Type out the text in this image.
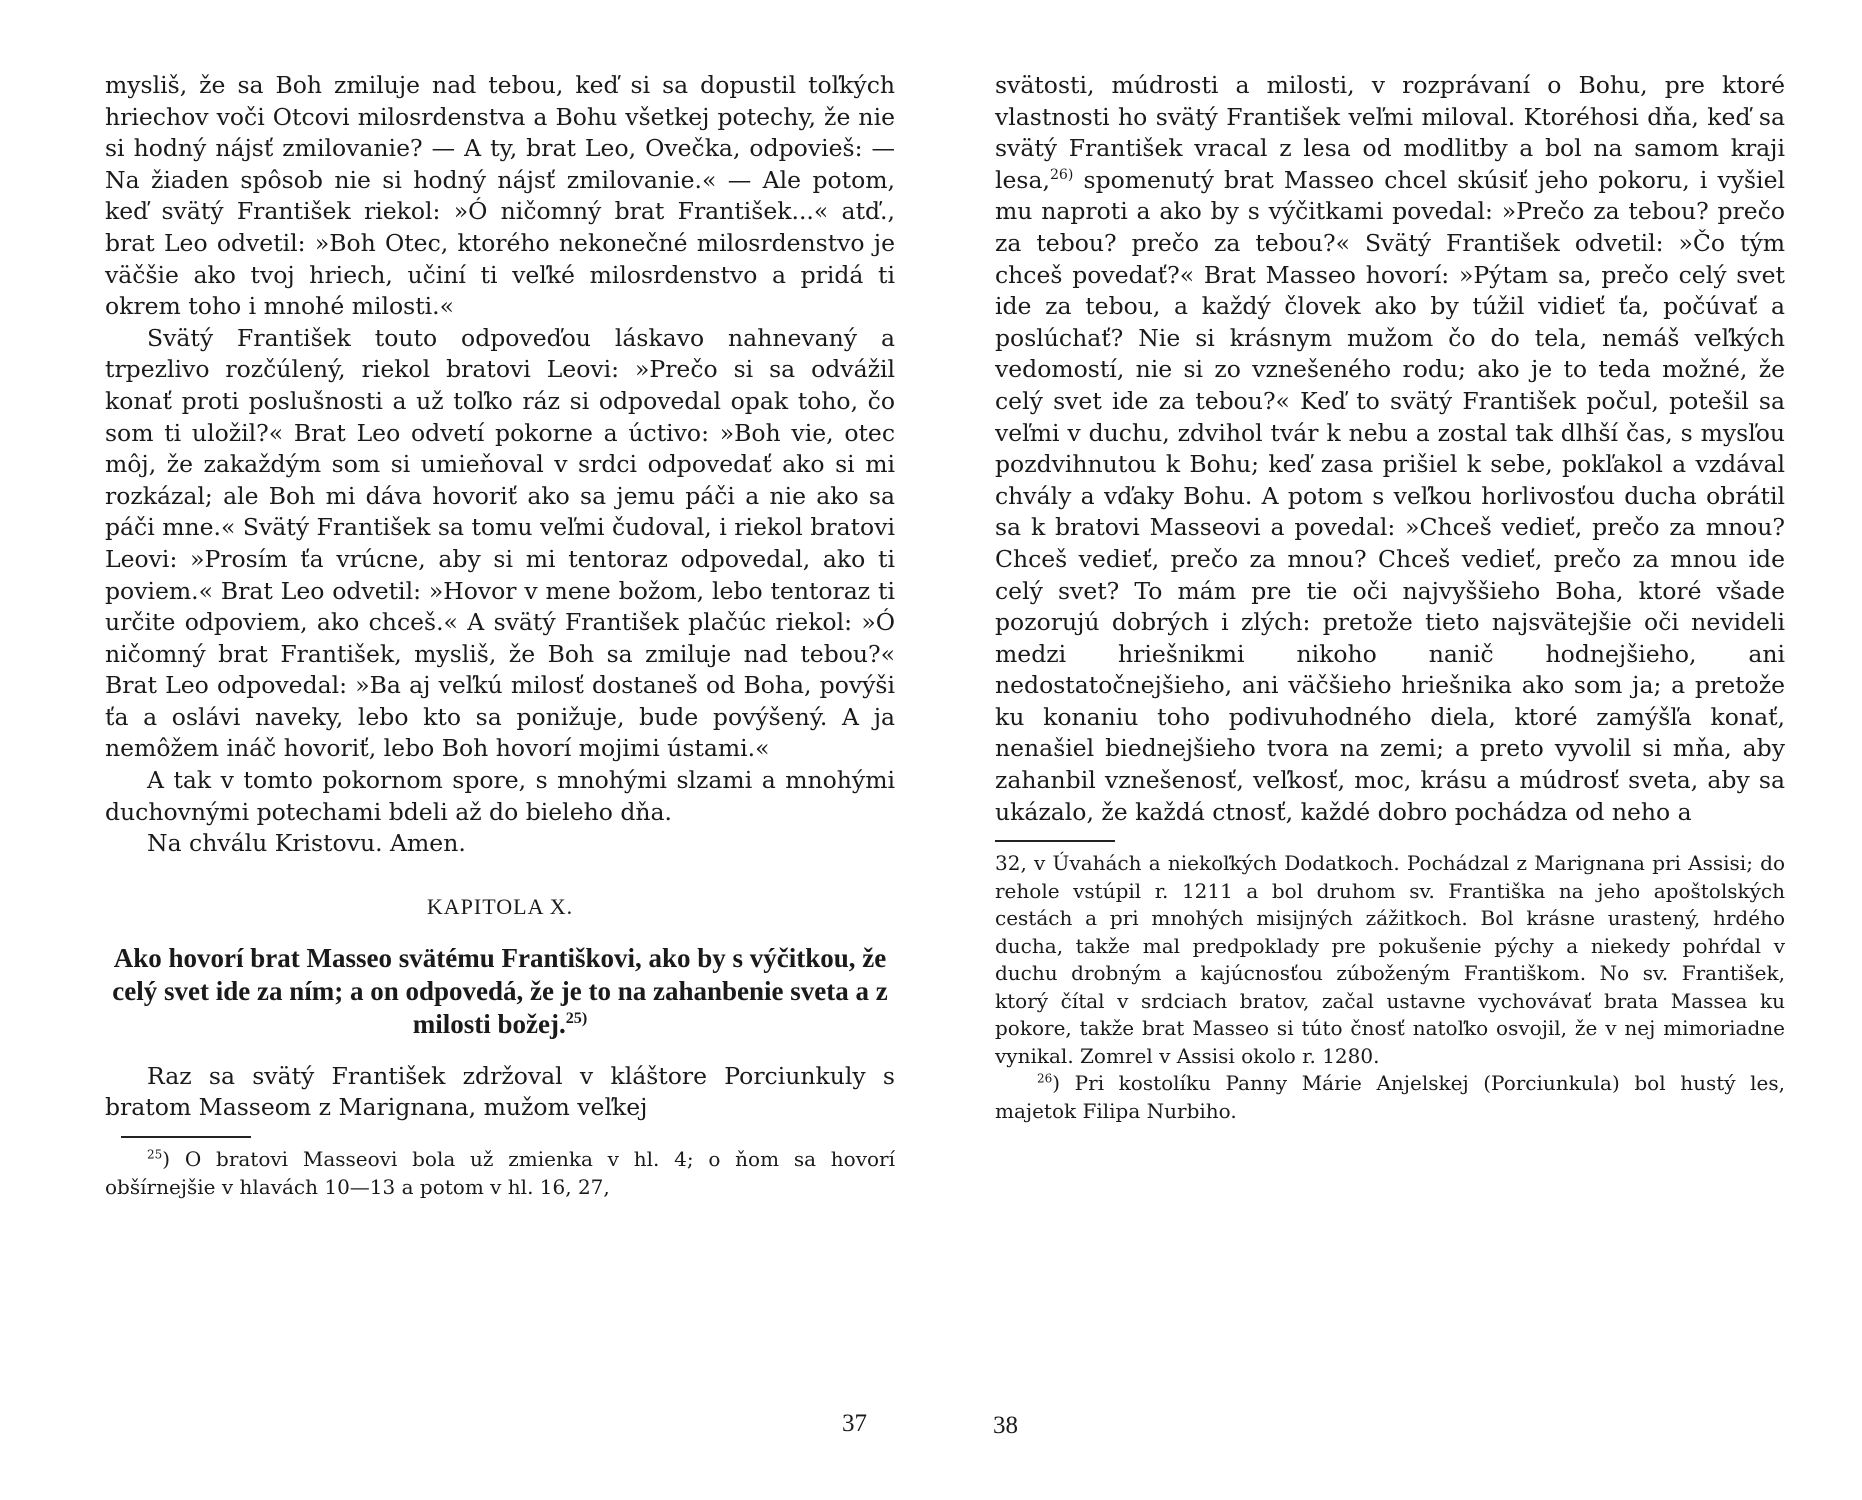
mysliš, že sa Boh zmiluje nad tebou, keď si sa dopustil toľkých hriechov voči Otcovi milosrdenstva a Bohu všetkej potechy, že nie si hodný nájsť zmilovanie? — A ty, brat Leo, Ovečka, odpovieš: — Na žiaden spôsob nie si hodný nájsť zmilovanie.« — Ale potom, keď svätý František riekol: »Ó ničomný brat František...« atď., brat Leo odvetil: »Boh Otec, ktorého nekonečné milosrdenstvo je väčšie ako tvoj hriech, učiní ti veľké milosrdenstvo a pridá ti okrem toho i mnohé milosti.«

Svätý František touto odpoveďou láskavo nahnevaný a trpezlivo rozčúlený, riekol bratovi Leovi: »Prečo si sa odvážil konať proti poslušnosti a už toľko ráz si odpovedal opak toho, čo som ti uložil?« Brat Leo odvetí pokorne a úctivo: »Boh vie, otec môj, že zakaždým som si umieňoval v srdci odpovedať ako si mi rozkázal; ale Boh mi dáva hovoriť ako sa jemu páči a nie ako sa páči mne.« Svätý František sa tomu veľmi čudoval, i riekol bratovi Leovi: »Prosím ťa vrúcne, aby si mi tentoraz odpovedal, ako ti poviem.« Brat Leo odvetil: »Hovor v mene božom, lebo tentoraz ti určite odpoviem, ako chceš.« A svätý František plačúc riekol: »Ó ničomný brat František, mysliš, že Boh sa zmiluje nad tebou?« Brat Leo odpovedal: »Ba aj veľkú milosť dostaneš od Boha, povýši ťa a oslávi naveky, lebo kto sa ponižuje, bude povýšený. A ja nemôžem ináč hovoriť, lebo Boh hovorí mojimi ústami.«

A tak v tomto pokornom spore, s mnohými slzami a mnohými duchovnými potechami bdeli až do bieleho dňa.

Na chválu Kristovu. Amen.

KAPITOLA X.
Ako hovorí brat Masseo svätému Františkovi, ako by s výčitkou, že celý svet ide za ním; a on odpovedá, že je to na zahanbenie sveta a z milosti božej.$^{25)}$

Raz sa svätý František zdržoval v kláštore Porciunkuly s bratom Masseom z Marignana, mužom veľkej

$^{25}$) O bratovi Masseovi bola už zmienka v hl. 4; o ňom sa hovorí obšírnejšie v hlavách 10—13 a potom v hl. 16, 27,

37

svätosti, múdrosti a milosti, v rozprávaní o Bohu, pre ktoré vlastnosti ho svätý František veľmi miloval. Ktoréhosi dňa, keď sa svätý František vracal z lesa od modlitby a bol na samom kraji lesa,$^{26)}$ spomenutý brat Masseo chcel skúsiť jeho pokoru, i vyšiel mu naproti a ako by s výčitkami povedal: »Prečo za tebou? prečo za tebou? prečo za tebou?« Svätý František odvetil: »Čo tým chceš povedať?« Brat Masseo hovorí: »Pýtam sa, prečo celý svet ide za tebou, a každý človek ako by túžil vidieť ťa, počúvať a poslúchať? Nie si krásnym mužom čo do tela, nemáš veľkých vedomostí, nie si zo vznešeného rodu; ako je to teda možné, že celý svet ide za tebou?« Keď to svätý František počul, potešil sa veľmi v duchu, zdvihol tvár k nebu a zostal tak dlhší čas, s mysľou pozdvihnutou k Bohu; keď zasa prišiel k sebe, pokľakol a vzdával chvály a vďaky Bohu. A potom s veľkou horlivosťou ducha obrátil sa k bratovi Masseovi a povedal: »Chceš vedieť, prečo za mnou? Chceš vedieť, prečo za mnou? Chceš vedieť, prečo za mnou ide celý svet? To mám pre tie oči najvyššieho Boha, ktoré všade pozorujú dobrých i zlých: pretože tieto najsvätejšie oči nevideli medzi hriešnikmi nikoho nanič hodnejšieho, ani nedostatočnejšieho, ani väčšieho hriešnika ako som ja; a pretože ku konaniu toho podivuhodného diela, ktoré zamýšľa konať, nenašiel biednejšieho tvora na zemi; a preto vyvolil si mňa, aby zahanbil vznešenosť, veľkosť, moc, krásu a múdrosť sveta, aby sa ukázalo, že každá ctnosť, každé dobro pochádza od neho a

32, v Úvahách a niekoľkých Dodatkoch. Pochádzal z Marignana pri Assisi; do rehole vstúpil r. 1211 a bol druhom sv. Františka na jeho apoštolských cestách a pri mnohých misijných zážitkoch. Bol krásne urastený, hrdého ducha, takže mal predpoklady pre pokušenie pýchy a niekedy pohŕdal v duchu drobným a kajúcnosťou zúboženým Františkom. No sv. František, ktorý čítal v srdciach bratov, začal ustavne vychovávať brata Massea ku pokore, takže brat Masseo si túto čnosť natoľko osvojil, že v nej mimoriadne vynikal. Zomrel v Assisi okolo r. 1280.

$^{26}$) Pri kostolíku Panny Márie Anjelskej (Porciunkula) bol hustý les, majetok Filipa Nurbiho.

38
